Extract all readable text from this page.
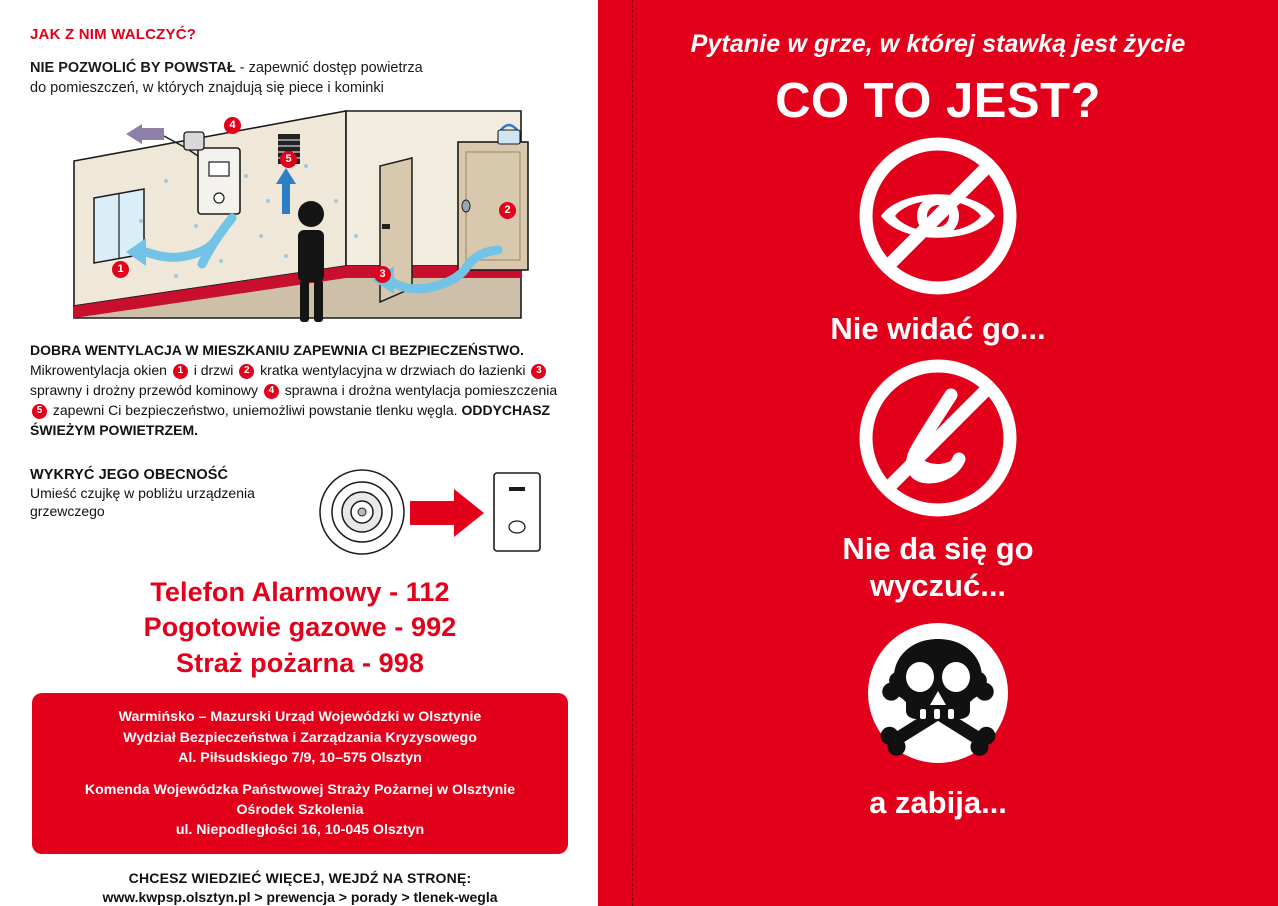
JAK Z NIM WALCZYĆ?
NIE POZWOLIĆ BY POWSTAŁ - zapewnić dostęp powietrza
do pomieszczeń, w których znajdują się piece i kominki
1
2
3
4
5
DOBRA WENTYLACJA W MIESZKANIU ZAPEWNIA CI BEZPIECZEŃSTWO.
Mikrowentylacja okien 1 i drzwi 2 kratka wentylacyjna w drzwiach do łazienki 3 sprawny i drożny przewód kominowy 4 sprawna i drożna wentylacja pomieszczenia 5 zapewni Ci bezpieczeństwo, uniemożliwi powstanie tlenku węgla. ODDYCHASZ ŚWIEŻYM POWIETRZEM.
WYKRYĆ JEGO OBECNOŚĆ
Umieść czujkę w pobliżu urządzenia grzewczego
Telefon Alarmowy - 112
Pogotowie gazowe - 992
Straż pożarna - 998

Warmińsko – Mazurski Urząd Wojewódzki w Olsztynie

Wydział Bezpieczeństwa i Zarządzania Kryzysowego

Al. Piłsudskiego 7/9, 10–575 Olsztyn

Komenda Wojewódzka Państwowej Straży Pożarnej w Olsztynie

Ośrodek Szkolenia

ul. Niepodległości 16, 10-045 Olsztyn

CHCESZ WIEDZIEĆ WIĘCEJ, WEJDŹ NA STRONĘ:
www.kwpsp.olsztyn.pl > prewencja > porady > tlenek-wegla
Pytanie w grze, w której stawką jest życie
CO TO JEST?
Nie widać go...
Nie da się go
wyczuć...
a zabija...
